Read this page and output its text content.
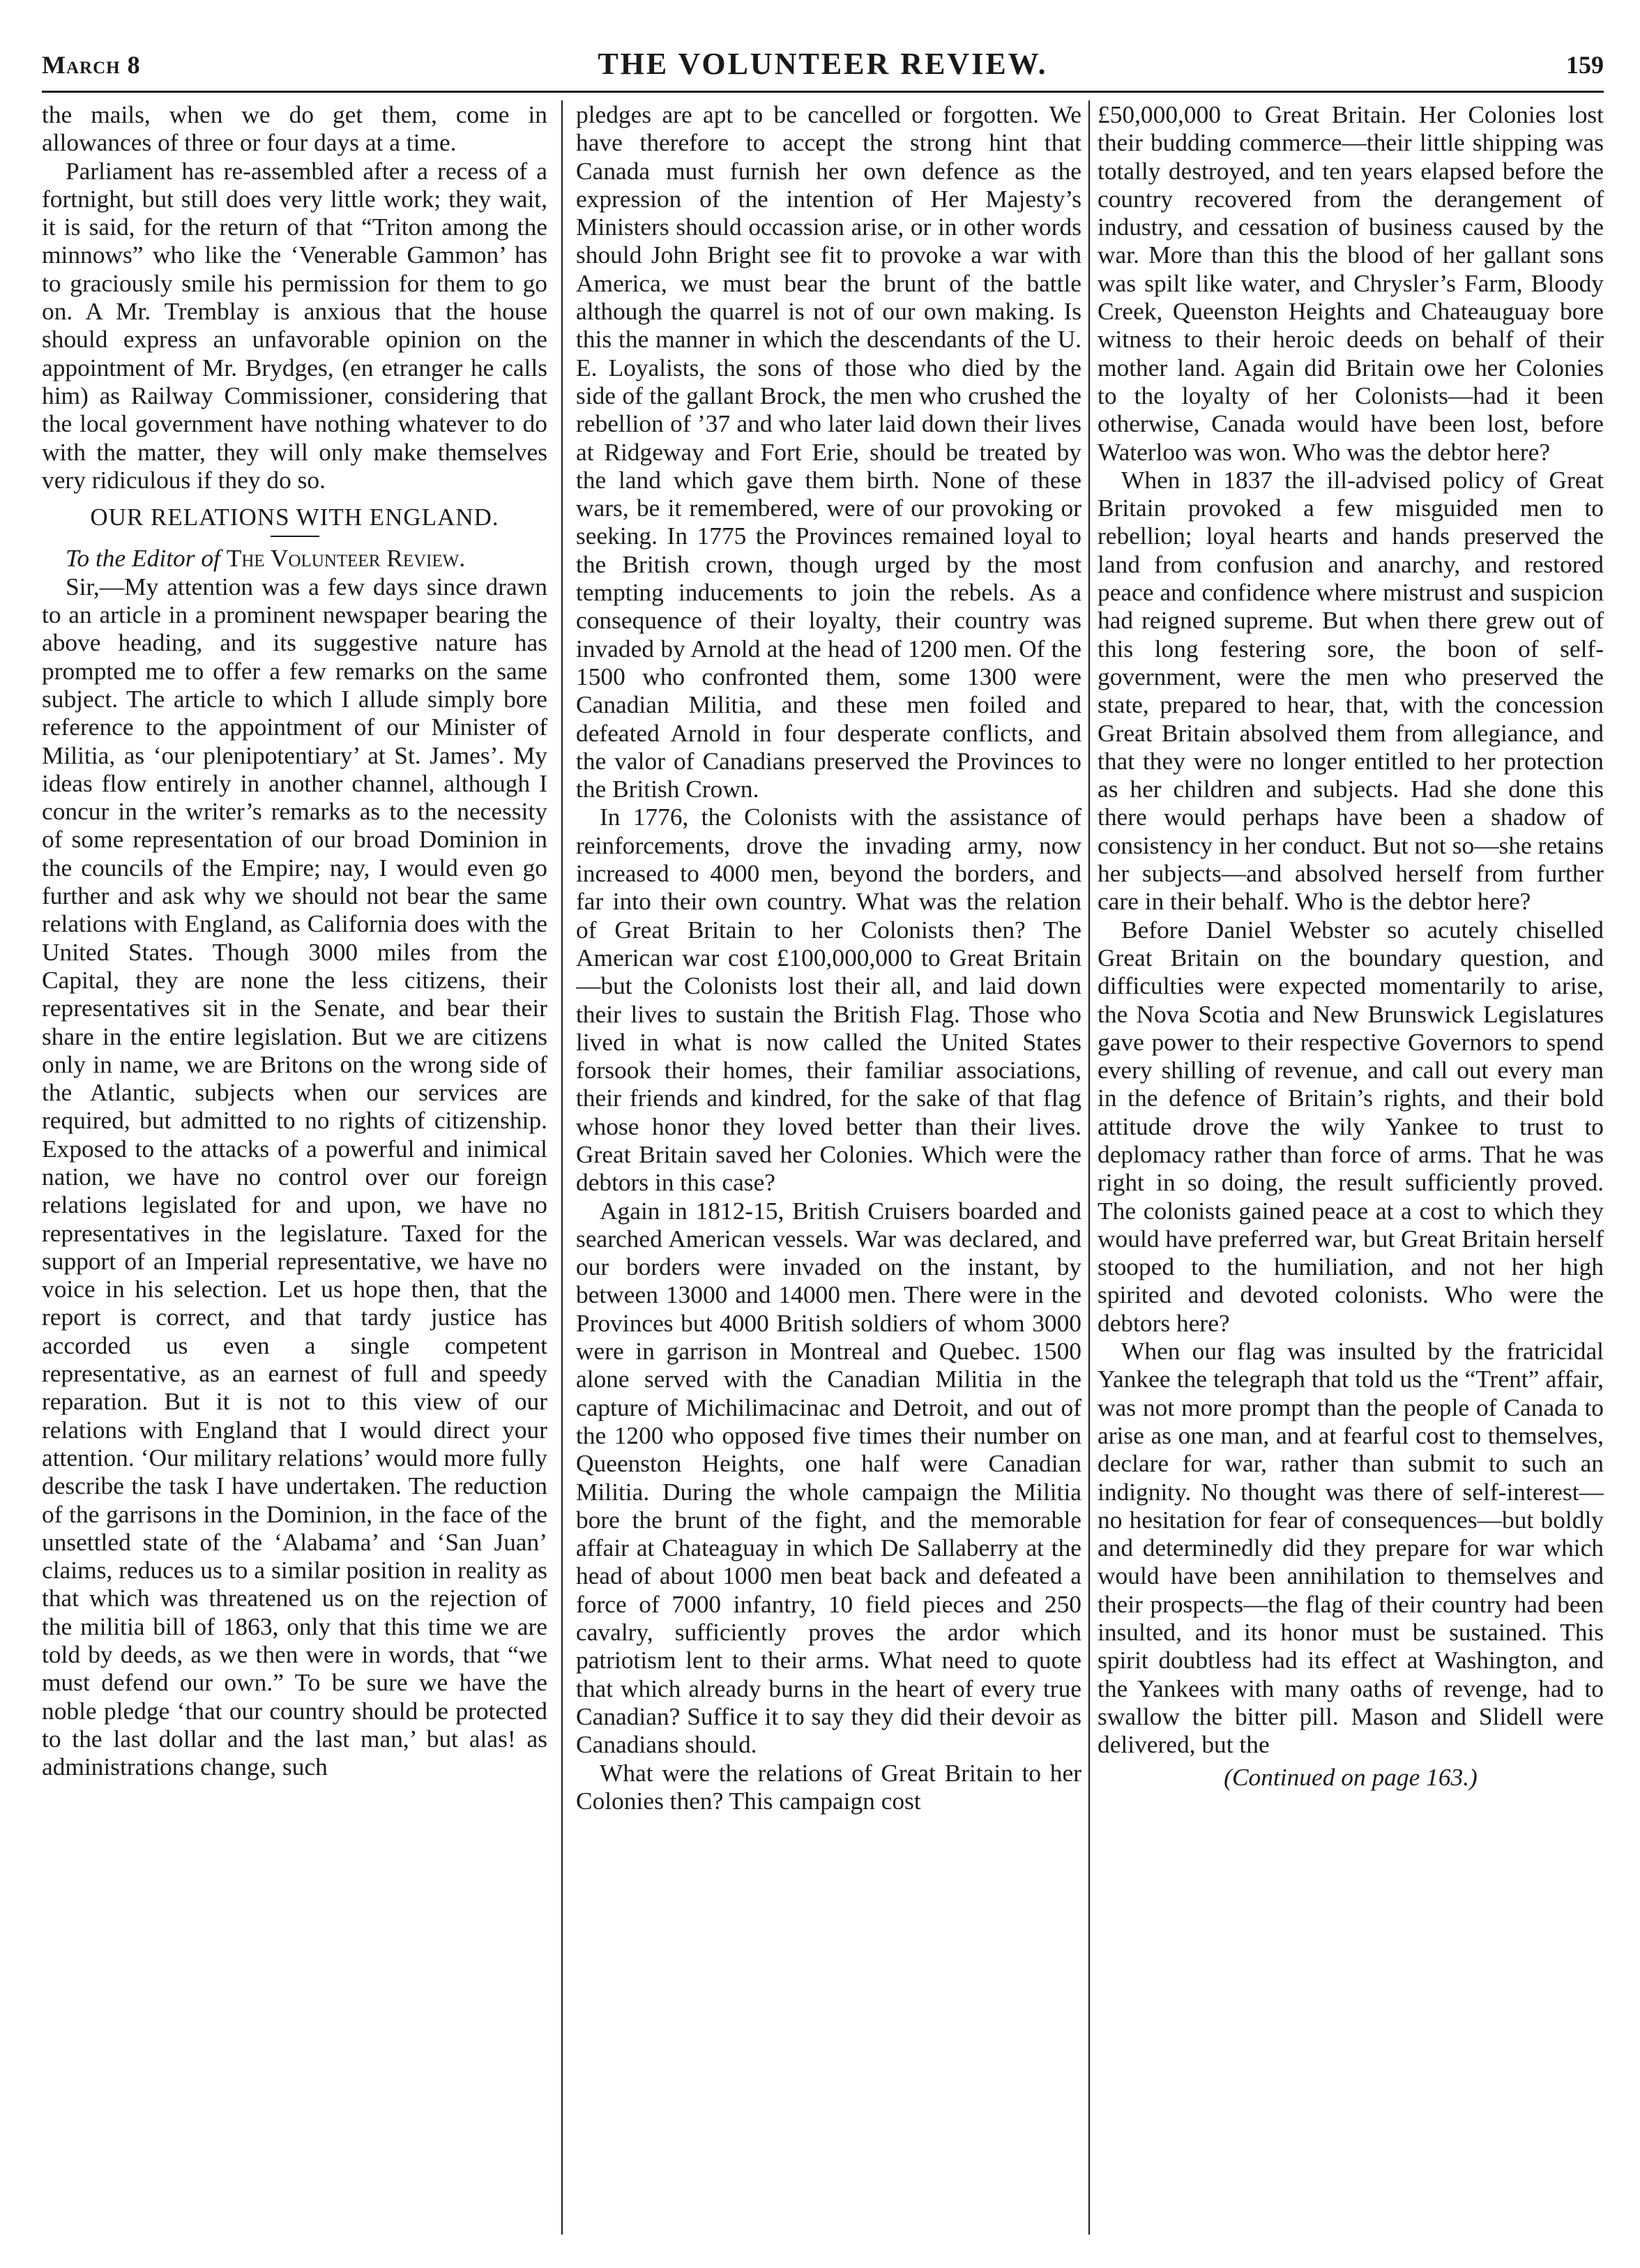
March 8	THE VOLUNTEER REVIEW.	159

the mails, when we do get them, come in allowances of three or four days at a time.

Parliament has re-assembled after a recess of a fortnight, but still does very little work; they wait, it is said, for the return of that “Triton among the minnows” who like the ‘Venerable Gammon’ has to graciously smile his permission for them to go on. A Mr. Tremblay is anxious that the house should express an unfavorable opinion on the appointment of Mr. Brydges, (en etranger he calls him) as Railway Commissioner, considering that the local government have nothing whatever to do with the matter, they will only make themselves very ridiculous if they do so.

OUR RELATIONS WITH ENGLAND.

To the Editor of The Volunteer Review.

Sir,—My attention was a few days since drawn to an article in a prominent newspaper bearing the above heading, and its suggestive nature has prompted me to offer a few remarks on the same subject. The article to which I allude simply bore reference to the appointment of our Minister of Militia, as ‘our plenipotentiary’ at St. James’. My ideas flow entirely in another channel, although I concur in the writer’s remarks as to the necessity of some representation of our broad Dominion in the councils of the Empire; nay, I would even go further and ask why we should not bear the same relations with England, as California does with the United States. Though 3000 miles from the Capital, they are none the less citizens, their representatives sit in the Senate, and bear their share in the entire legislation. But we are citizens only in name, we are Britons on the wrong side of the Atlantic, subjects when our services are required, but admitted to no rights of citizenship. Exposed to the attacks of a powerful and inimical nation, we have no control over our foreign relations legislated for and upon, we have no representatives in the legislature. Taxed for the support of an Imperial representative, we have no voice in his selection. Let us hope then, that the report is correct, and that tardy justice has accorded us even a single competent representative, as an earnest of full and speedy reparation. But it is not to this view of our relations with England that I would direct your attention. ‘Our military relations’ would more fully describe the task I have undertaken. The reduction of the garrisons in the Dominion, in the face of the unsettled state of the ‘Alabama’ and ‘San Juan’ claims, reduces us to a similar position in reality as that which was threatened us on the rejection of the militia bill of 1863, only that this time we are told by deeds, as we then were in words, that “we must defend our own.” To be sure we have the noble pledge ‘that our country should be protected to the last dollar and the last man,’ but alas! as administrations change, such

pledges are apt to be cancelled or forgotten. We have therefore to accept the strong hint that Canada must furnish her own defence as the expression of the intention of Her Majesty’s Ministers should occassion arise, or in other words should John Bright see fit to provoke a war with America, we must bear the brunt of the battle although the quarrel is not of our own making. Is this the manner in which the descendants of the U. E. Loyalists, the sons of those who died by the side of the gallant Brock, the men who crushed the rebellion of ’37 and who later laid down their lives at Ridgeway and Fort Erie, should be treated by the land which gave them birth. None of these wars, be it remembered, were of our provoking or seeking. In 1775 the Provinces remained loyal to the British crown, though urged by the most tempting inducements to join the rebels. As a consequence of their loyalty, their country was invaded by Arnold at the head of 1200 men. Of the 1500 who confronted them, some 1300 were Canadian Militia, and these men foiled and defeated Arnold in four desperate conflicts, and the valor of Canadians preserved the Provinces to the British Crown.

In 1776, the Colonists with the assistance of reinforcements, drove the invading army, now increased to 4000 men, beyond the borders, and far into their own country. What was the relation of Great Britain to her Colonists then? The American war cost £100,000,000 to Great Britain—but the Colonists lost their all, and laid down their lives to sustain the British Flag. Those who lived in what is now called the United States forsook their homes, their familiar associations, their friends and kindred, for the sake of that flag whose honor they loved better than their lives. Great Britain saved her Colonies. Which were the debtors in this case?

Again in 1812-15, British Cruisers boarded and searched American vessels. War was declared, and our borders were invaded on the instant, by between 13000 and 14000 men. There were in the Provinces but 4000 British soldiers of whom 3000 were in garrison in Montreal and Quebec. 1500 alone served with the Canadian Militia in the capture of Michilimacinac and Detroit, and out of the 1200 who opposed five times their number on Queenston Heights, one half were Canadian Militia. During the whole campaign the Militia bore the brunt of the fight, and the memorable affair at Chateaguay in which De Sallaberry at the head of about 1000 men beat back and defeated a force of 7000 infantry, 10 field pieces and 250 cavalry, sufficiently proves the ardor which patriotism lent to their arms. What need to quote that which already burns in the heart of every true Canadian? Suffice it to say they did their devoir as Canadians should.

What were the relations of Great Britain to her Colonies then? This campaign cost

£50,000,000 to Great Britain. Her Colonies lost their budding commerce—their little shipping was totally destroyed, and ten years elapsed before the country recovered from the derangement of industry, and cessation of business caused by the war. More than this the blood of her gallant sons was spilt like water, and Chrysler’s Farm, Bloody Creek, Queenston Heights and Chateauguay bore witness to their heroic deeds on behalf of their mother land. Again did Britain owe her Colonies to the loyalty of her Colonists—had it been otherwise, Canada would have been lost, before Waterloo was won. Who was the debtor here?

When in 1837 the ill-advised policy of Great Britain provoked a few misguided men to rebellion; loyal hearts and hands preserved the land from confusion and anarchy, and restored peace and confidence where mistrust and suspicion had reigned supreme. But when there grew out of this long festering sore, the boon of self-government, were the men who preserved the state, prepared to hear, that, with the concession Great Britain absolved them from allegiance, and that they were no longer entitled to her protection as her children and subjects. Had she done this there would perhaps have been a shadow of consistency in her conduct. But not so—she retains her subjects—and absolved herself from further care in their behalf. Who is the debtor here?

Before Daniel Webster so acutely chiselled Great Britain on the boundary question, and difficulties were expected momentarily to arise, the Nova Scotia and New Brunswick Legislatures gave power to their respective Governors to spend every shilling of revenue, and call out every man in the defence of Britain’s rights, and their bold attitude drove the wily Yankee to trust to deplomacy rather than force of arms. That he was right in so doing, the result sufficiently proved. The colonists gained peace at a cost to which they would have preferred war, but Great Britain herself stooped to the humiliation, and not her high spirited and devoted colonists. Who were the debtors here?

When our flag was insulted by the fratricidal Yankee the telegraph that told us the “Trent” affair, was not more prompt than the people of Canada to arise as one man, and at fearful cost to themselves, declare for war, rather than submit to such an indignity. No thought was there of self-interest—no hesitation for fear of consequences—but boldly and determinedly did they prepare for war which would have been annihilation to themselves and their prospects—the flag of their country had been insulted, and its honor must be sustained. This spirit doubtless had its effect at Washington, and the Yankees with many oaths of revenge, had to swallow the bitter pill. Mason and Slidell were delivered, but the

(Continued on page 163.)
